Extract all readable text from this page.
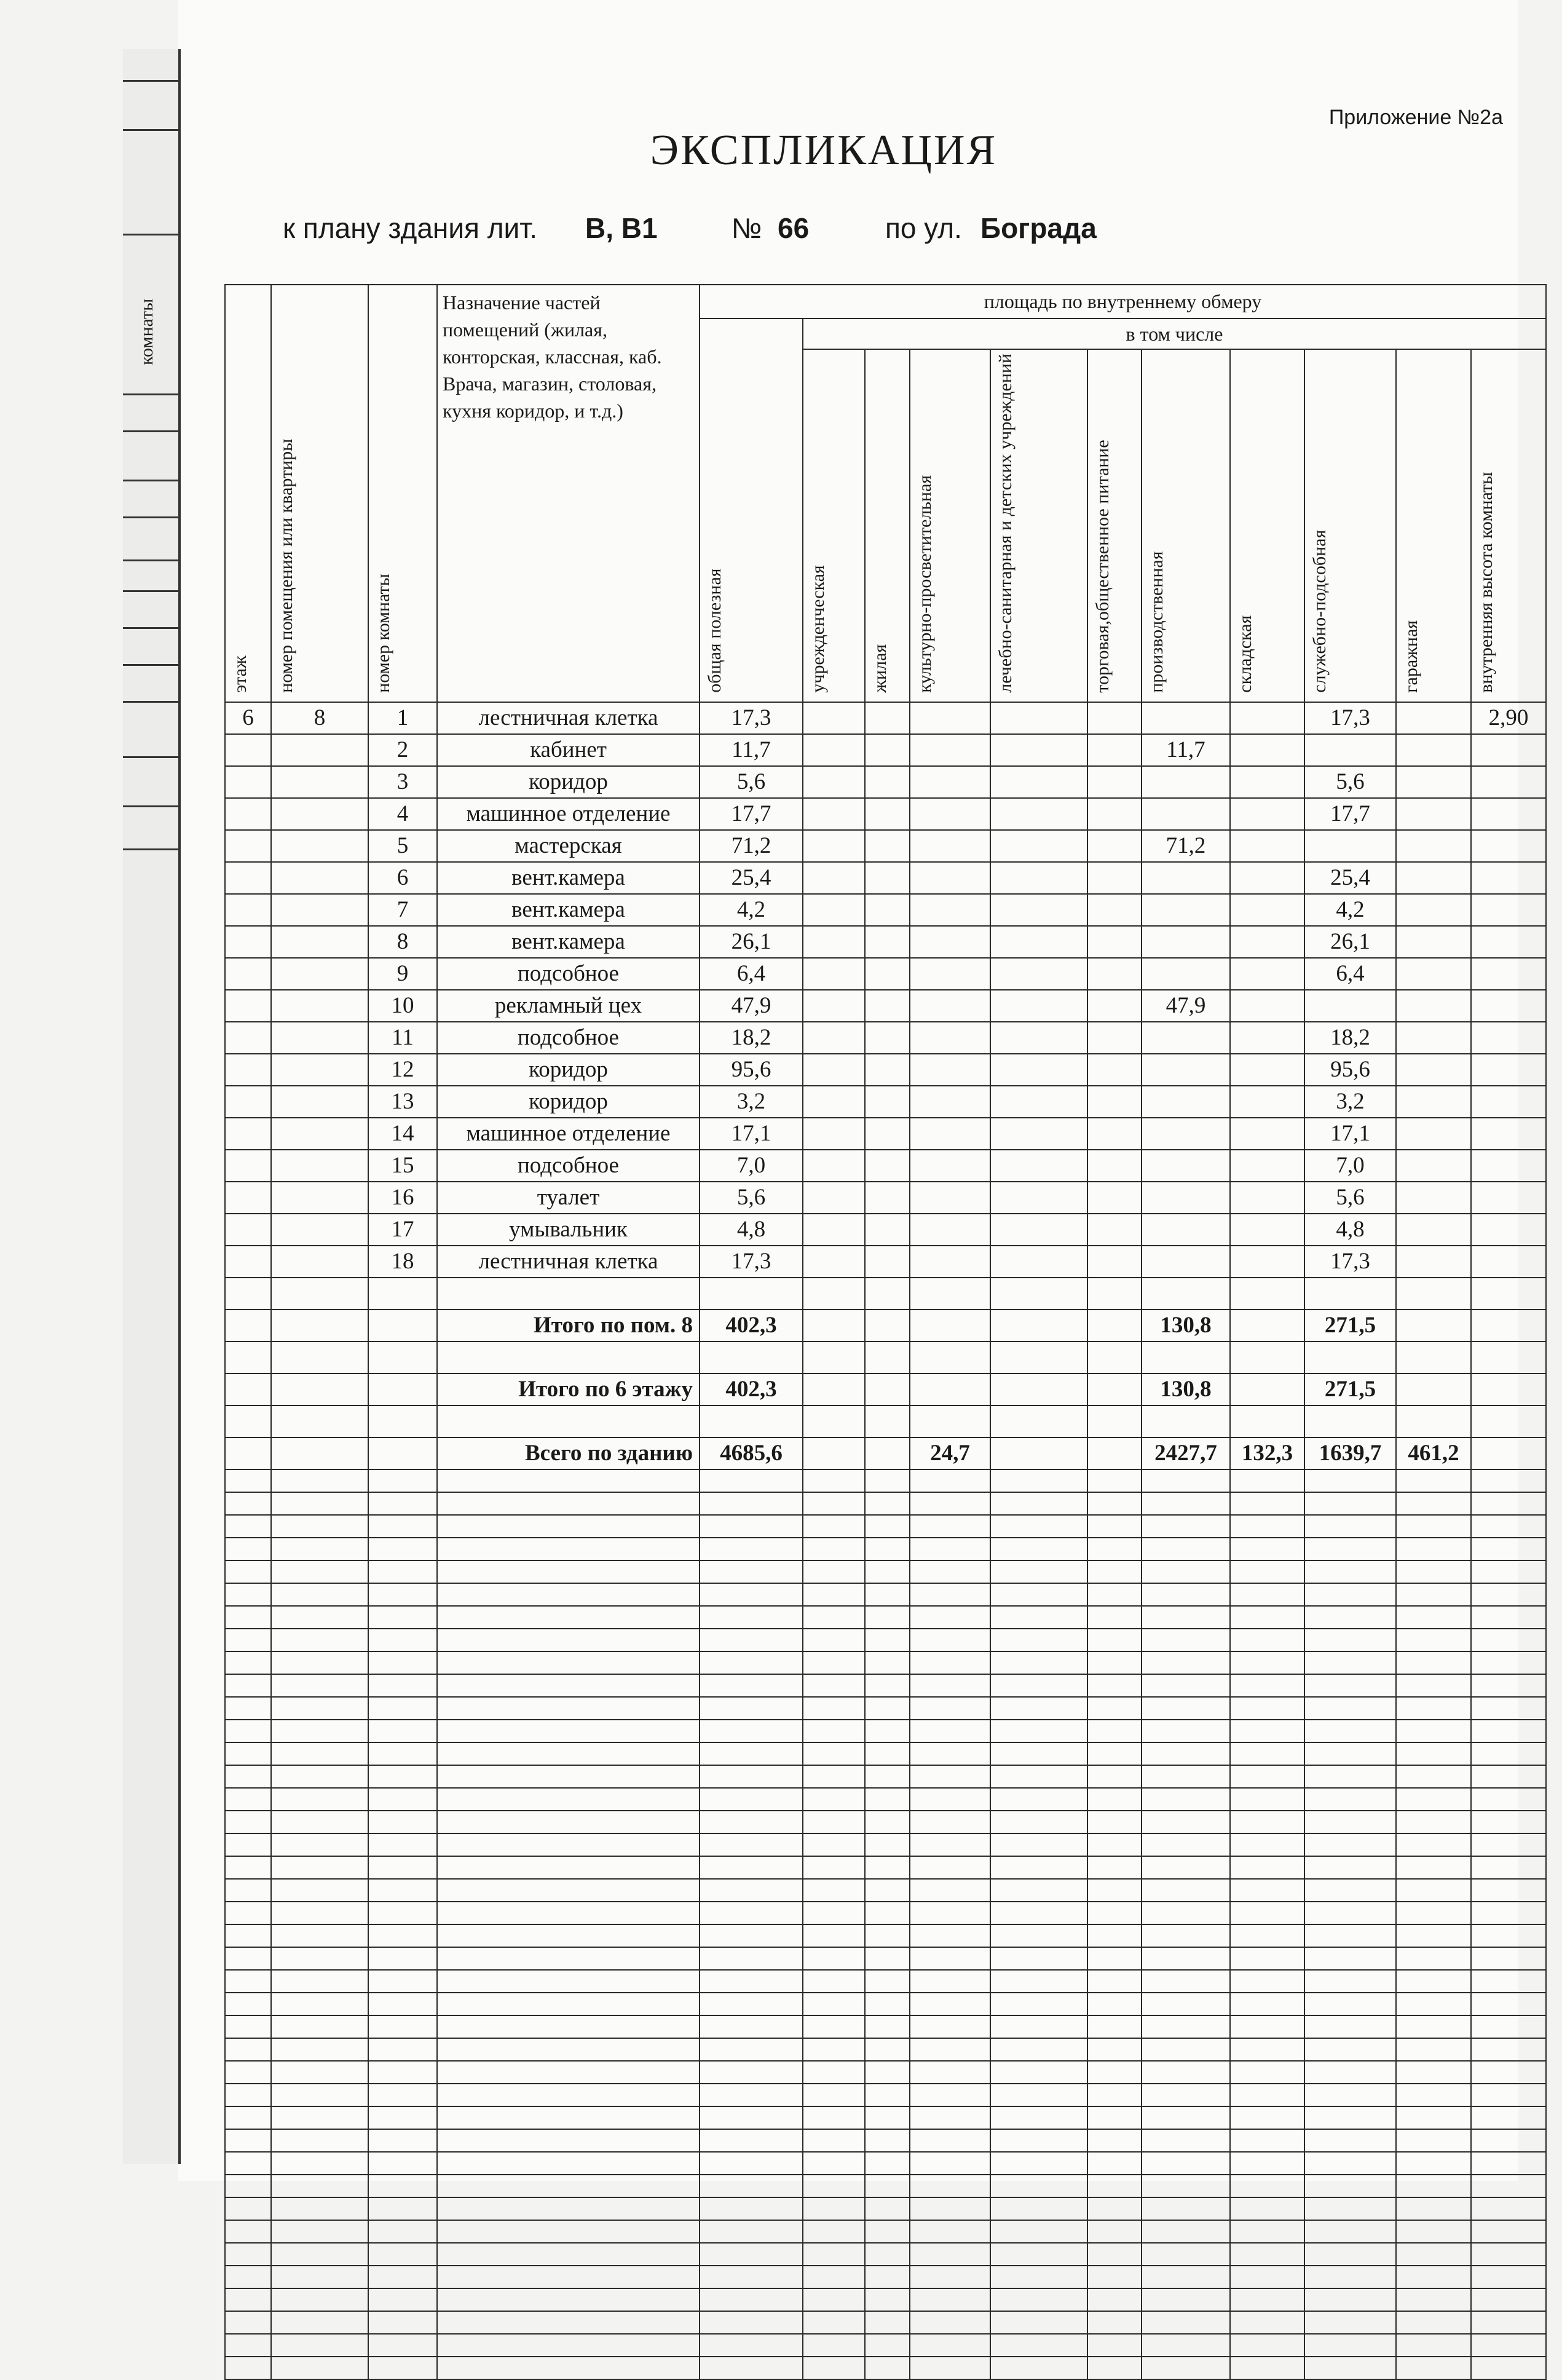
комнаты
Приложение №2а
ЭКСПЛИКАЦИЯ
к плану здания лит. В, В1	№ 66	по ул. Бограда
этаж	номер помещения или квартиры	номер комнаты	Назначение частей помещений (жилая, конторская, классная, каб. Врача, магазин, столовая, кухня коридор, и т.д.)	площадь по внутреннему обмеру										
				общая полезная	в том числе									
					учрежденческая	жилая	культурно-просветительная	лечебно-санитарная и детских учреждений	торговая,общественное питание	производственная	складская	служебно-подсобная	гаражная	внутренняя высота комнаты
6	8	1	лестничная клетка	17,3								17,3		2,90
		2	кабинет	11,7						11,7				
		3	коридор	5,6								5,6		
		4	машинное отделение	17,7								17,7		
		5	мастерская	71,2						71,2				
		6	вент.камера	25,4								25,4		
		7	вент.камера	4,2								4,2		
		8	вент.камера	26,1								26,1		
		9	подсобное	6,4								6,4		
		10	рекламный цех	47,9						47,9				
		11	подсобное	18,2								18,2		
		12	коридор	95,6								95,6		
		13	коридор	3,2								3,2		
		14	машинное отделение	17,1								17,1		
		15	подсобное	7,0								7,0		
		16	туалет	5,6								5,6		
		17	умывальник	4,8								4,8		
		18	лестничная клетка	17,3								17,3		

			Итого по пом. 8	402,3						130,8		271,5		

			Итого по 6 этажу	402,3						130,8		271,5		

			Всего по зданию	4685,6			24,7			2427,7	132,3	1639,7	461,2	
